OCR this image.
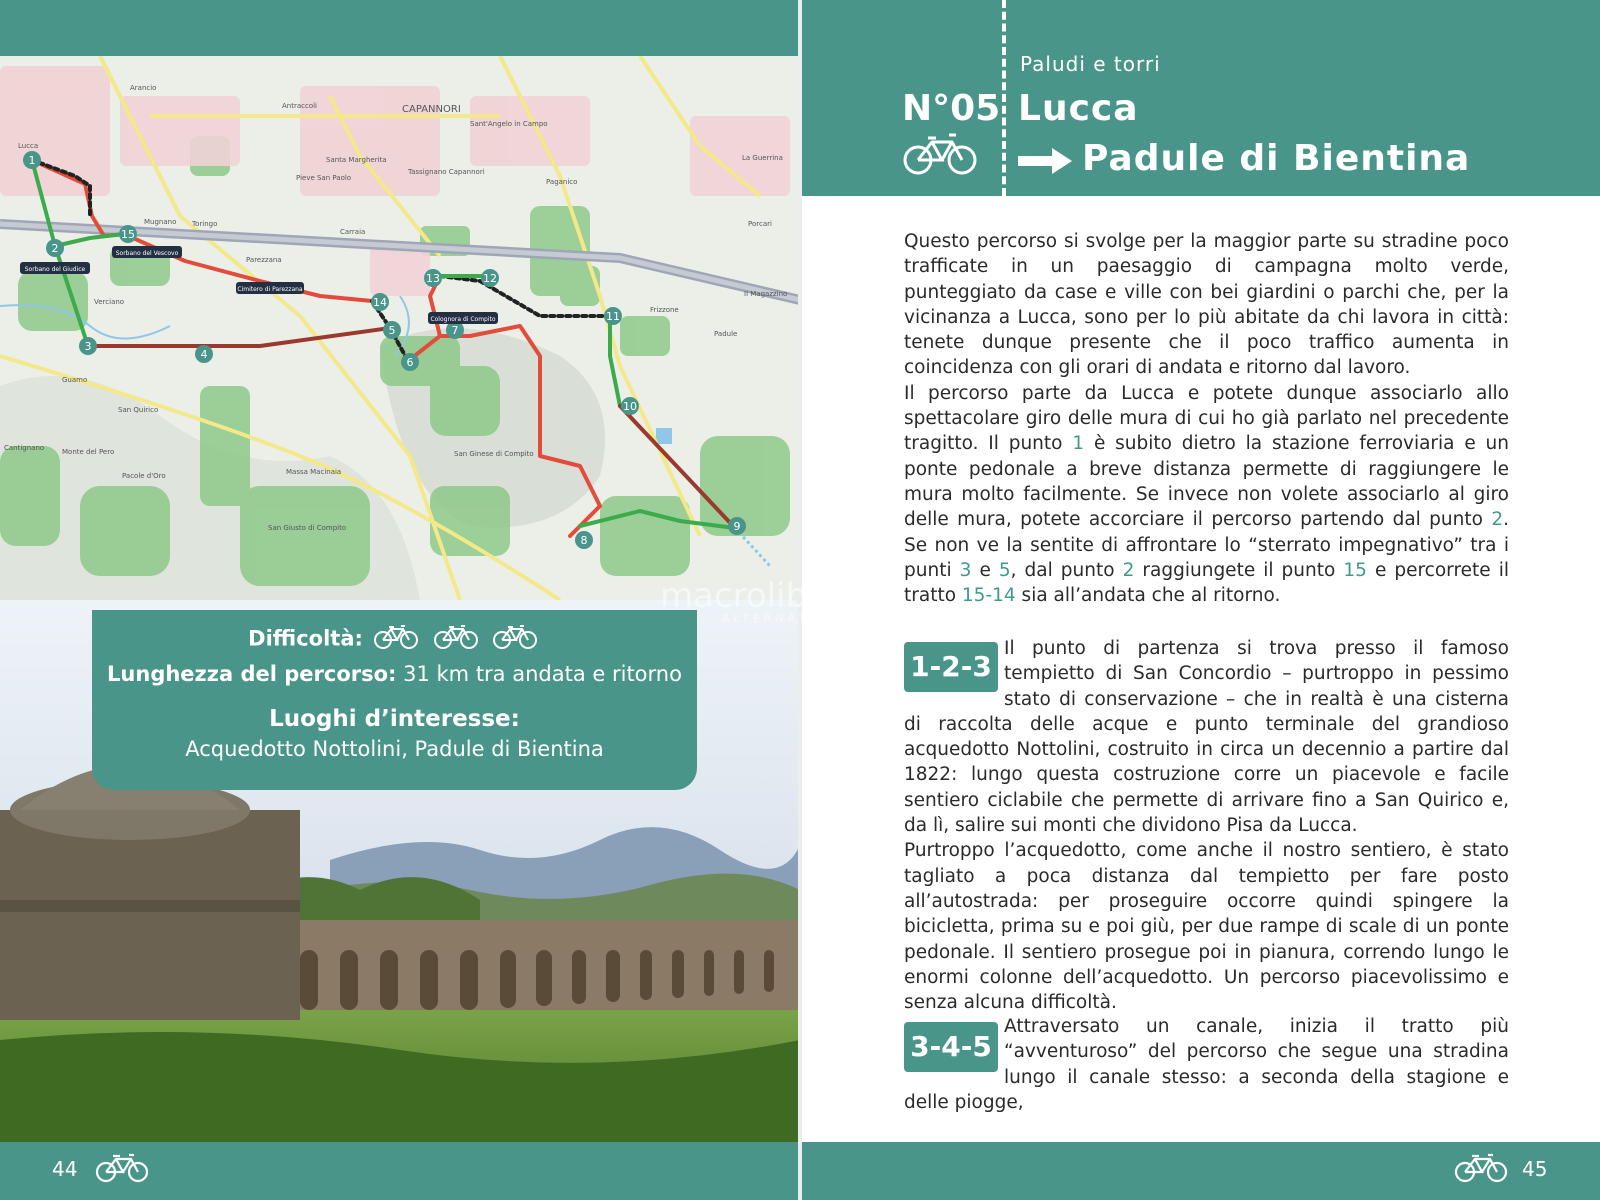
1
2
3
4
5
6
7
8
9
10
11
12
13
14
15
Sorbano del Giudice
Sorbano del Vescovo
Cimitero di Parezzana
Colognora di Compito
Lucca
Arancio
Antraccoli	CAPANNORI
Sant'Angelo in Campo
Santa Margherita
Tassignano Capannori
Pieve San Paolo	Paganico
Mugnano Toringo
Carraia
Parezzana
Verciano
Guamo
San Quirico
Pacole d'Oro	Massa Macinaia
San Ginese di Compito
San Giusto di Compito
Frizzone
Padule
Porcari
La Guerrina
Il Magazzino
Cantignano	Monte del Pero
Difficoltà:
Lunghezza del percorso: 31 km tra andata e ritorno
Luoghi d’interesse:
Acquedotto Nottolini, Padule di Bientina
macrolibrarsi
ALTERNATIVA NATURALE
Paludi e torri
N°05 Lucca
Padule di Bientina
Questo percorso si svolge per la maggior parte su stradine poco trafficate in un paesaggio di campagna molto verde, punteggiato da case e ville con bei giardini o parchi che, per la vicinanza a Lucca, sono per lo più abitate da chi lavora in città: tenete dunque presente che il poco traffico aumenta in coincidenza con gli orari di andata e ritorno dal lavoro.
Il percorso parte da Lucca e potete dunque associarlo allo spettacolare giro delle mura di cui ho già parlato nel precedente tragitto. Il punto 1 è subito dietro la stazione ferroviaria e un ponte pedonale a breve distanza permette di raggiungere le mura molto facilmente. Se invece non volete associarlo al giro delle mura, potete accorciare il percorso partendo dal punto 2. Se non ve la sentite di affrontare lo “sterrato impegnativo” tra i punti 3 e 5, dal punto 2 raggiungete il punto 15 e percorrete il tratto 15-14 sia all’andata che al ritorno.
1-2-3
Il punto di partenza si trova presso il famoso tempietto di San Concordio – purtroppo in pessimo stato di conservazione – che in realtà è una cisterna di raccolta delle acque e punto terminale del grandioso acquedotto Nottolini, costruito in circa un decennio a partire dal 1822: lungo questa costruzione corre un piacevole e facile sentiero ciclabile che permette di arrivare fino a San Quirico e, da lì, salire sui monti che dividono Pisa da Lucca.
Purtroppo l’acquedotto, come anche il nostro sentiero, è stato tagliato a poca distanza dal tempietto per fare posto all’autostrada: per proseguire occorre quindi spingere la bicicletta, prima su e poi giù, per due rampe di scale di un ponte pedonale. Il sentiero prosegue poi in pianura, correndo lungo le enormi colonne dell’acquedotto. Un percorso piacevolissimo e senza alcuna difficoltà.
3-4-5
Attraversato un canale, inizia il tratto più “avventuroso” del percorso che segue una stradina lungo il canale stesso: a seconda della stagione e delle piogge,
44	45
